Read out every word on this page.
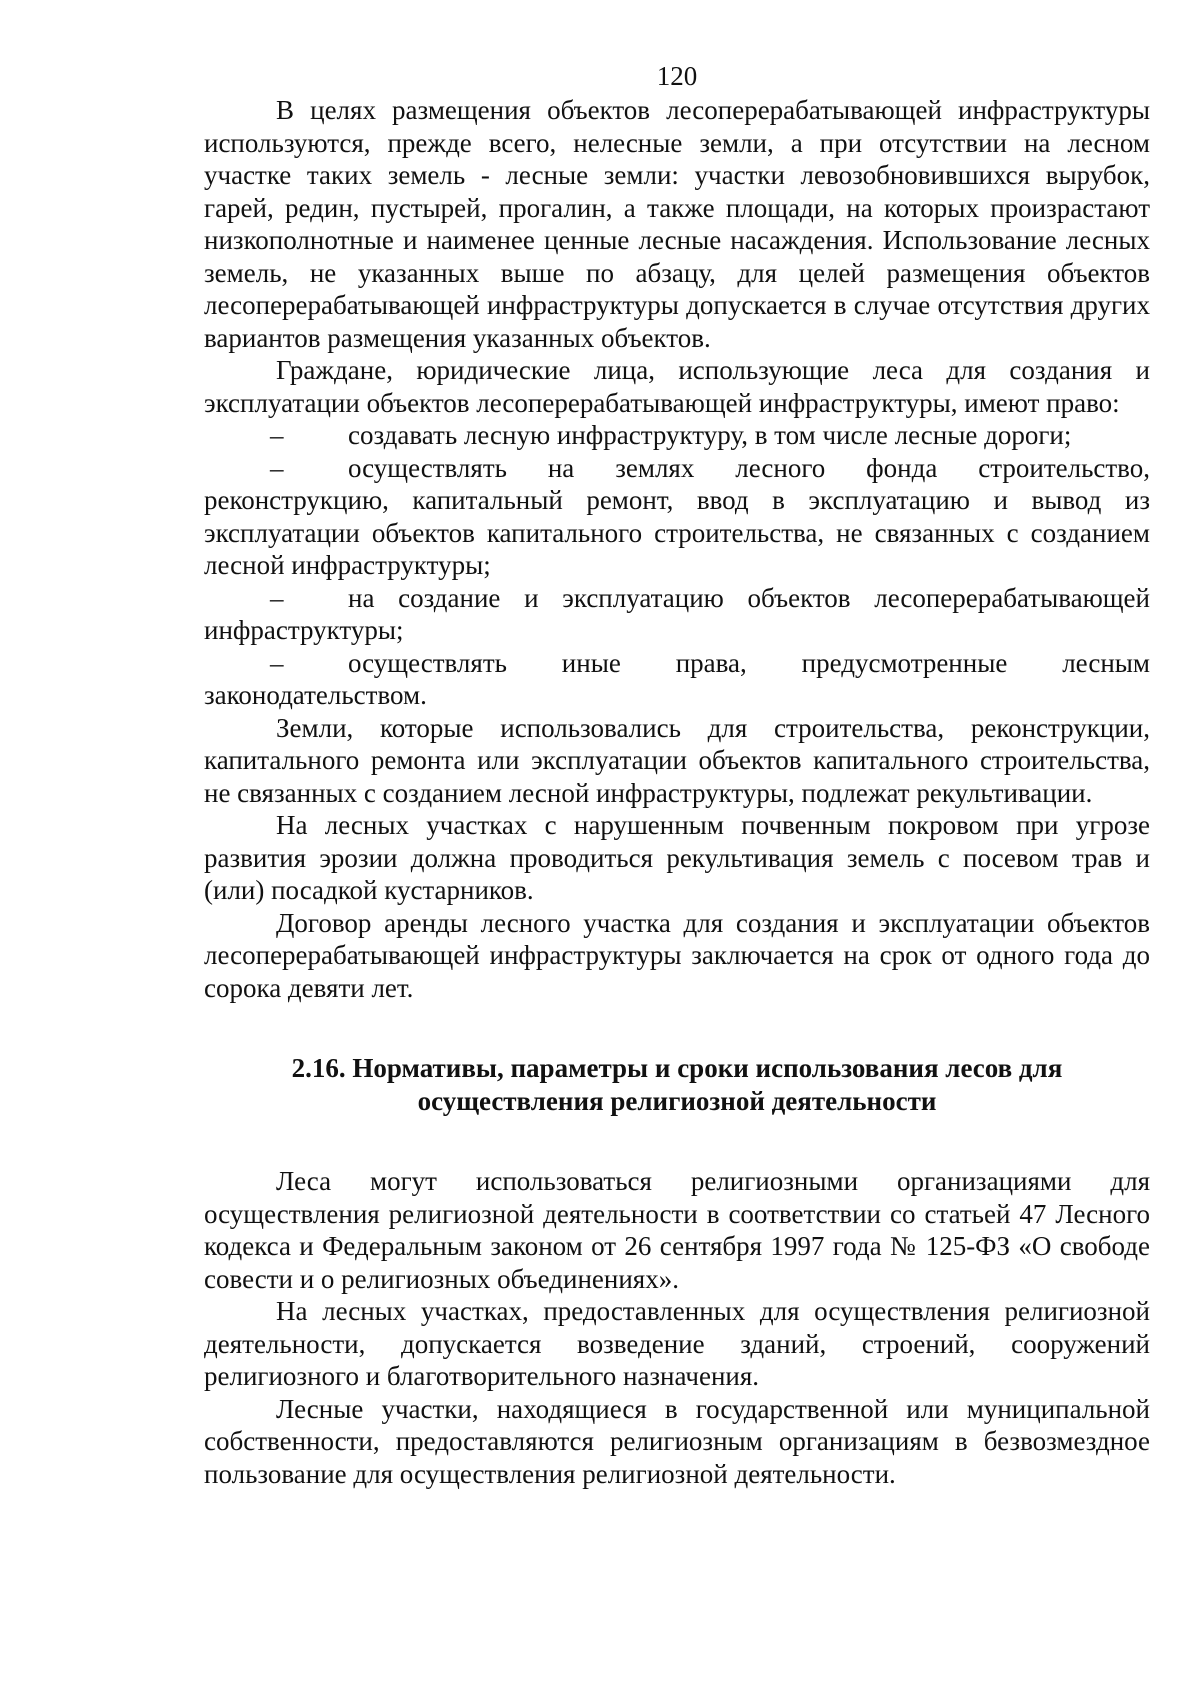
120

В целях размещения объектов лесоперерабатывающей инфраструктуры используются, прежде всего, нелесные земли, а при отсутствии на лесном участке таких земель - лесные земли: участки левозобновившихся вырубок, гарей, редин, пустырей, прогалин, а также площади, на которых произрастают низкополнотные и наименее ценные лесные насаждения. Использование лесных земель, не указанных выше по абзацу, для целей размещения объектов лесоперерабатывающей инфраструктуры допускается в случае отсутствия других вариантов размещения указанных объектов.

Граждане, юридические лица, использующие леса для создания и эксплуатации объектов лесоперерабатывающей инфраструктуры, имеют право:

– создавать лесную инфраструктуру, в том числе лесные дороги;

– осуществлять на землях лесного фонда строительство, реконструкцию, капитальный ремонт, ввод в эксплуатацию и вывод из эксплуатации объектов капитального строительства, не связанных с созданием лесной инфраструктуры;

– на создание и эксплуатацию объектов лесоперерабатывающей инфраструктуры;

– осуществлять иные права, предусмотренные лесным законодательством.

Земли, которые использовались для строительства, реконструкции, капитального ремонта или эксплуатации объектов капитального строительства, не связанных с созданием лесной инфраструктуры, подлежат рекультивации.

На лесных участках с нарушенным почвенным покровом при угрозе развития эрозии должна проводиться рекультивация земель с посевом трав и (или) посадкой кустарников.

Договор аренды лесного участка для создания и эксплуатации объектов лесоперерабатывающей инфраструктуры заключается на срок от одного года до сорока девяти лет.

2.16. Нормативы, параметры и сроки использования лесов для
осуществления религиозной деятельности

Леса могут использоваться религиозными организациями для осуществления религиозной деятельности в соответствии со статьей 47 Лесного кодекса и Федеральным законом от 26 сентября 1997 года № 125-ФЗ «О свободе совести и о религиозных объединениях».

На лесных участках, предоставленных для осуществления религиозной деятельности, допускается возведение зданий, строений, сооружений религиозного и благотворительного назначения.

Лесные участки, находящиеся в государственной или муниципальной собственности, предоставляются религиозным организациям в безвозмездное пользование для осуществления религиозной деятельности.
